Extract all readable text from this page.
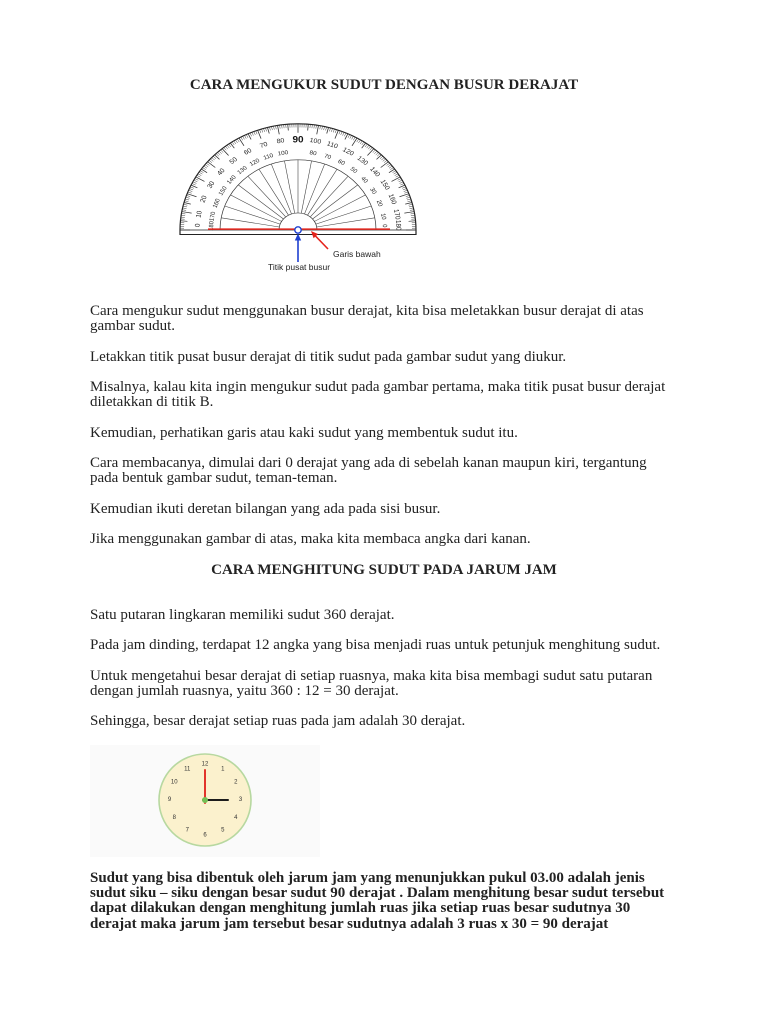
CARA MENGUKUR SUDUT DENGAN BUSUR DERAJAT
0
10
20
30
40
50
60
70 80 90 100 110
120
130
140
150
160
170
180
180
170
160
150
140
130
120
110 100	80 70
60
50
40
30
20
10
0
Garis bawah
Titik pusat busur

Cara mengukur sudut menggunakan busur derajat, kita bisa meletakkan busur derajat di atas
gambar sudut.

Letakkan titik pusat busur derajat di titik sudut pada gambar sudut yang diukur.

Misalnya, kalau kita ingin mengukur sudut pada gambar pertama, maka titik pusat busur derajat
diletakkan di titik B.

Kemudian, perhatikan garis atau kaki sudut yang membentuk sudut itu.

Cara membacanya, dimulai dari 0 derajat yang ada di sebelah kanan maupun kiri, tergantung
pada bentuk gambar sudut, teman-teman.

Kemudian ikuti deretan bilangan yang ada pada sisi busur.

Jika menggunakan gambar di atas, maka kita membaca angka dari kanan.

CARA MENGHITUNG SUDUT PADA JARUM JAM

Satu putaran lingkaran memiliki sudut 360 derajat.

Pada jam dinding, terdapat 12 angka yang bisa menjadi ruas untuk petunjuk menghitung sudut.

Untuk mengetahui besar derajat di setiap ruasnya, maka kita bisa membagi sudut satu putaran
dengan jumlah ruasnya, yaitu 360 : 12 = 30 derajat.

Sehingga, besar derajat setiap ruas pada jam adalah 30 derajat.

12
1
2
3
4
5
6
7
8
9
10
11
Sudut yang bisa dibentuk oleh jarum jam yang menunjukkan pukul 03.00 adalah jenis
sudut siku – siku dengan besar sudut 90 derajat . Dalam menghitung besar sudut tersebut
dapat dilakukan dengan menghitung jumlah ruas jika setiap ruas besar sudutnya 30
derajat maka jarum jam tersebut besar sudutnya adalah 3 ruas x 30 = 90 derajat
